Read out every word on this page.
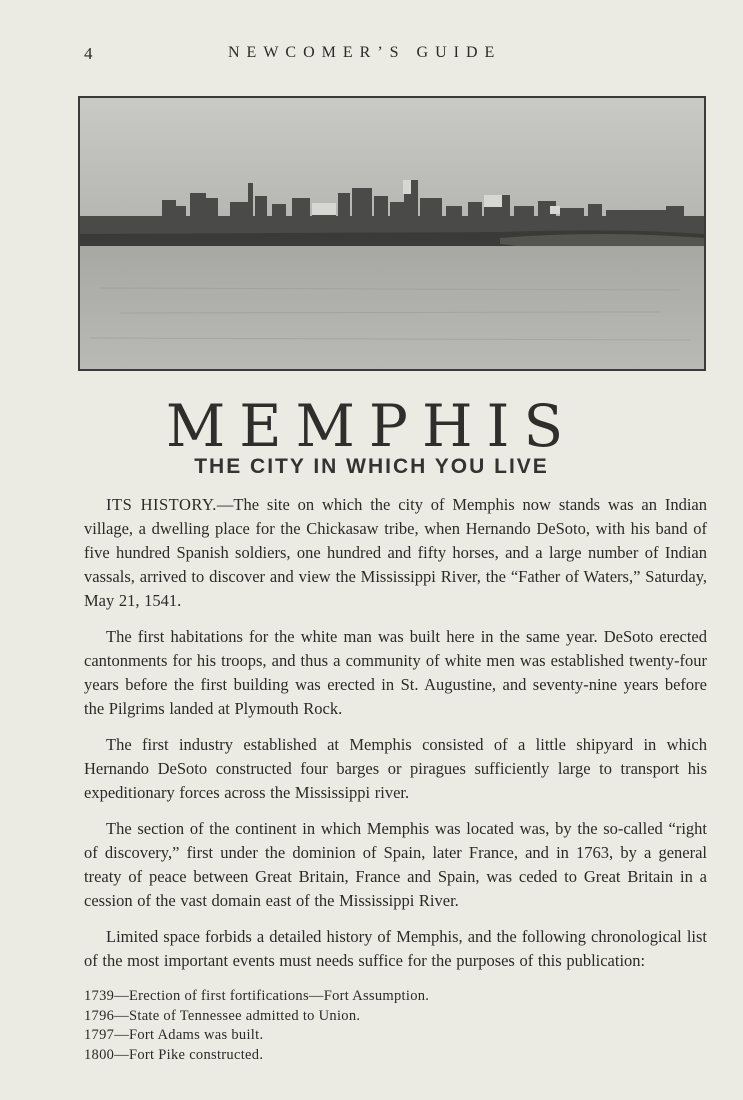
4	NEWCOMER’S GUIDE
MEMPHIS
THE CITY IN WHICH YOU LIVE

ITS HISTORY.—The site on which the city of Memphis now stands was an Indian village, a dwelling place for the Chickasaw tribe, when Hernando DeSoto, with his band of five hundred Spanish soldiers, one hundred and fifty horses, and a large number of Indian vassals, arrived to discover and view the Mississippi River, the “Father of Waters,” Saturday, May 21, 1541.

The first habitations for the white man was built here in the same year. DeSoto erected cantonments for his troops, and thus a community of white men was established twenty-four years before the first building was erected in St. Augustine, and seventy-nine years before the Pilgrims landed at Plymouth Rock.

The first industry established at Memphis consisted of a little shipyard in which Hernando DeSoto constructed four barges or piragues sufficiently large to transport his expeditionary forces across the Mississippi river.

The section of the continent in which Memphis was located was, by the so-called “right of discovery,” first under the dominion of Spain, later France, and in 1763, by a general treaty of peace between Great Britain, France and Spain, was ceded to Great Britain in a cession of the vast domain east of the Mississippi River.

Limited space forbids a detailed history of Memphis, and the following chronological list of the most important events must needs suffice for the purposes of this publication:

1739—Erection of first fortifications—Fort Assumption.
1796—State of Tennessee admitted to Union.
1797—Fort Adams was built.
1800—Fort Pike constructed.
